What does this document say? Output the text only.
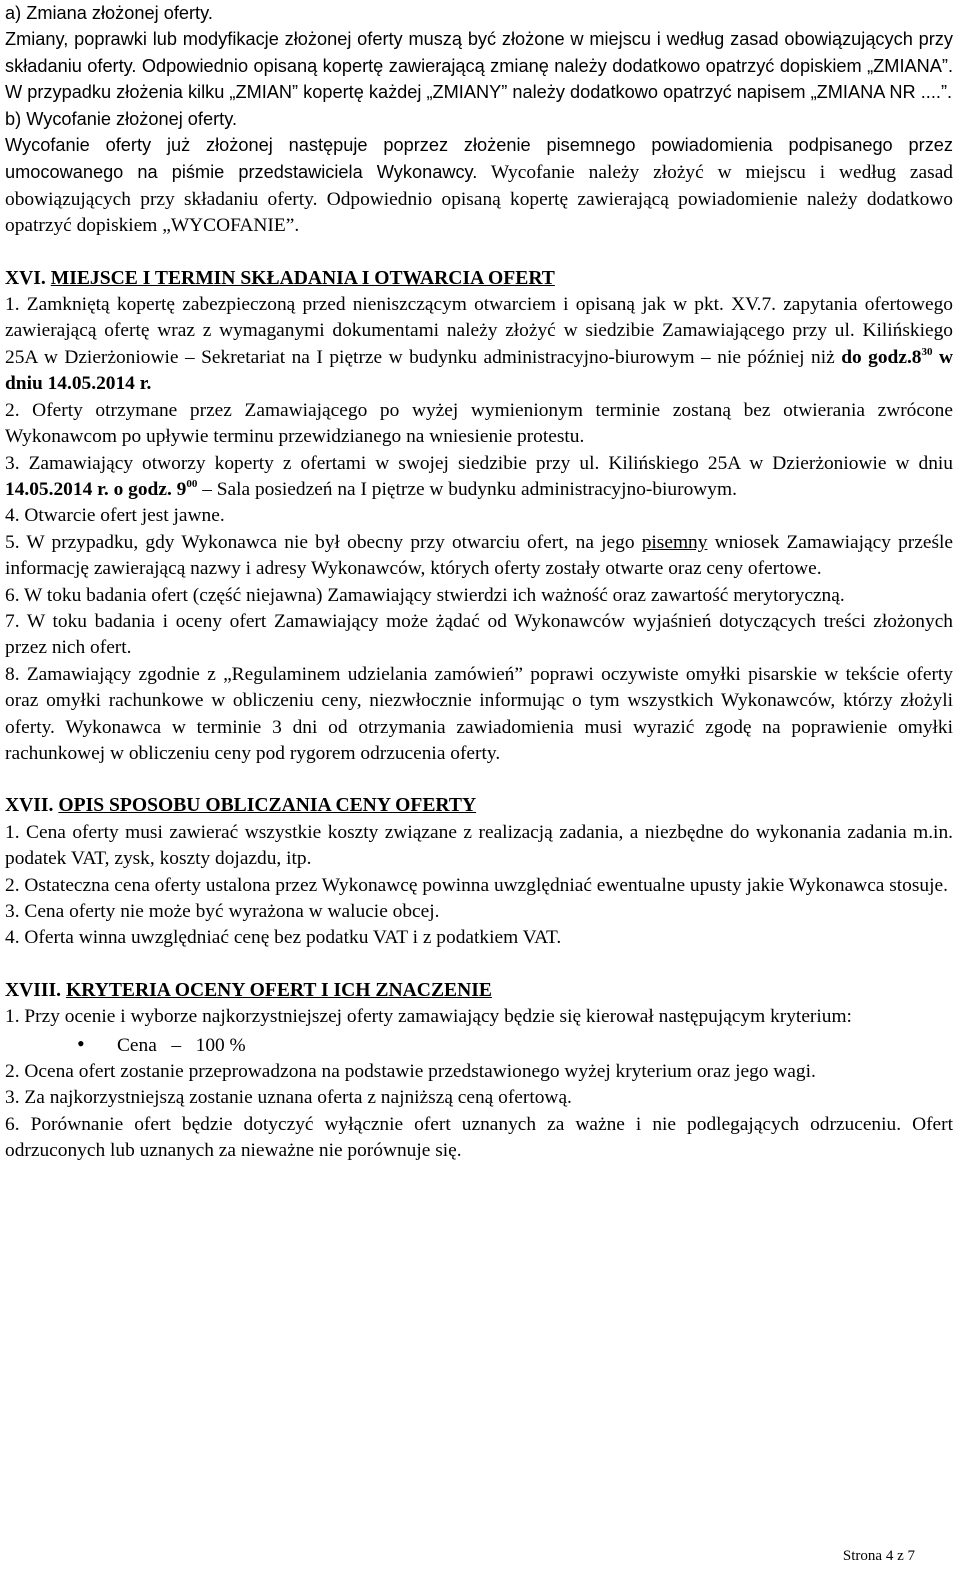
a) Zmiana złożonej oferty.

Zmiany, poprawki lub modyfikacje złożonej oferty muszą być złożone w miejscu i według zasad obowiązujących przy składaniu oferty. Odpowiednio opisaną kopertę zawierającą zmianę należy dodatkowo opatrzyć dopiskiem „ZMIANA”. W przypadku złożenia kilku „ZMIAN” kopertę każdej „ZMIANY” należy dodatkowo opatrzyć napisem „ZMIANA NR ....”.

b) Wycofanie złożonej oferty.

Wycofanie oferty już złożonej następuje poprzez złożenie pisemnego powiadomienia podpisanego przez umocowanego na piśmie przedstawiciela Wykonawcy. Wycofanie należy złożyć w miejscu i według zasad obowiązujących przy składaniu oferty. Odpowiednio opisaną kopertę zawierającą powiadomienie należy dodatkowo opatrzyć dopiskiem „WYCOFANIE”.

XVI. MIEJSCE I TERMIN SKŁADANIA I OTWARCIA OFERT

1. Zamkniętą kopertę zabezpieczoną przed nieniszczącym otwarciem i opisaną jak w pkt. XV.7. zapytania ofertowego zawierającą ofertę wraz z wymaganymi dokumentami należy złożyć w siedzibie Zamawiającego przy ul. Kilińskiego 25A w Dzierżoniowie – Sekretariat na I piętrze w budynku administracyjno-biurowym – nie później niż do $godz.8^{30}$ w dniu 14.05.2014 r.

2. Oferty otrzymane przez Zamawiającego po wyżej wymienionym terminie zostaną bez otwierania zwrócone Wykonawcom po upływie terminu przewidzianego na wniesienie protestu.

3. Zamawiający otworzy koperty z ofertami w swojej siedzibie przy ul. Kilińskiego 25A w Dzierżoniowie w dniu 14.05.2014 r. o godz. $9^{00}$ – Sala posiedzeń na I piętrze w budynku administracyjno-biurowym.

4. Otwarcie ofert jest jawne.

5. W przypadku, gdy Wykonawca nie był obecny przy otwarciu ofert, na jego pisemny wniosek Zamawiający prześle informację zawierającą nazwy i adresy Wykonawców, których oferty zostały otwarte oraz ceny ofertowe.

6. W toku badania ofert (część niejawna) Zamawiający stwierdzi ich ważność oraz zawartość merytoryczną.

7. W toku badania i oceny ofert Zamawiający może żądać od Wykonawców wyjaśnień dotyczących treści złożonych przez nich ofert.

8. Zamawiający zgodnie z „Regulaminem udzielania zamówień” poprawi oczywiste omyłki pisarskie w tekście oferty oraz omyłki rachunkowe w obliczeniu ceny, niezwłocznie informując o tym wszystkich Wykonawców, którzy złożyli oferty. Wykonawca w terminie 3 dni od otrzymania zawiadomienia musi wyrazić zgodę na poprawienie omyłki rachunkowej w obliczeniu ceny pod rygorem odrzucenia oferty.

XVII. OPIS SPOSOBU OBLICZANIA CENY OFERTY

1. Cena oferty musi zawierać wszystkie koszty związane z realizacją zadania, a niezbędne do wykonania zadania m.in. podatek VAT, zysk, koszty dojazdu, itp.

2. Ostateczna cena oferty ustalona przez Wykonawcę powinna uwzględniać ewentualne upusty jakie Wykonawca stosuje.

3. Cena oferty nie może być wyrażona w walucie obcej.

4. Oferta winna uwzględniać cenę bez podatku VAT i z podatkiem VAT.

XVIII. KRYTERIA OCENY OFERT I ICH ZNACZENIE

1. Przy ocenie i wyborze najkorzystniejszej oferty zamawiający będzie się kierował następującym kryterium:

•	Cena   –   100 %

2. Ocena ofert zostanie przeprowadzona na podstawie przedstawionego wyżej kryterium oraz jego wagi.

3. Za najkorzystniejszą zostanie uznana oferta z najniższą ceną ofertową.

6. Porównanie ofert będzie dotyczyć wyłącznie ofert uznanych za ważne i nie podlegających odrzuceniu. Ofert odrzuconych lub uznanych za nieważne nie porównuje się.

Strona 4 z 7
